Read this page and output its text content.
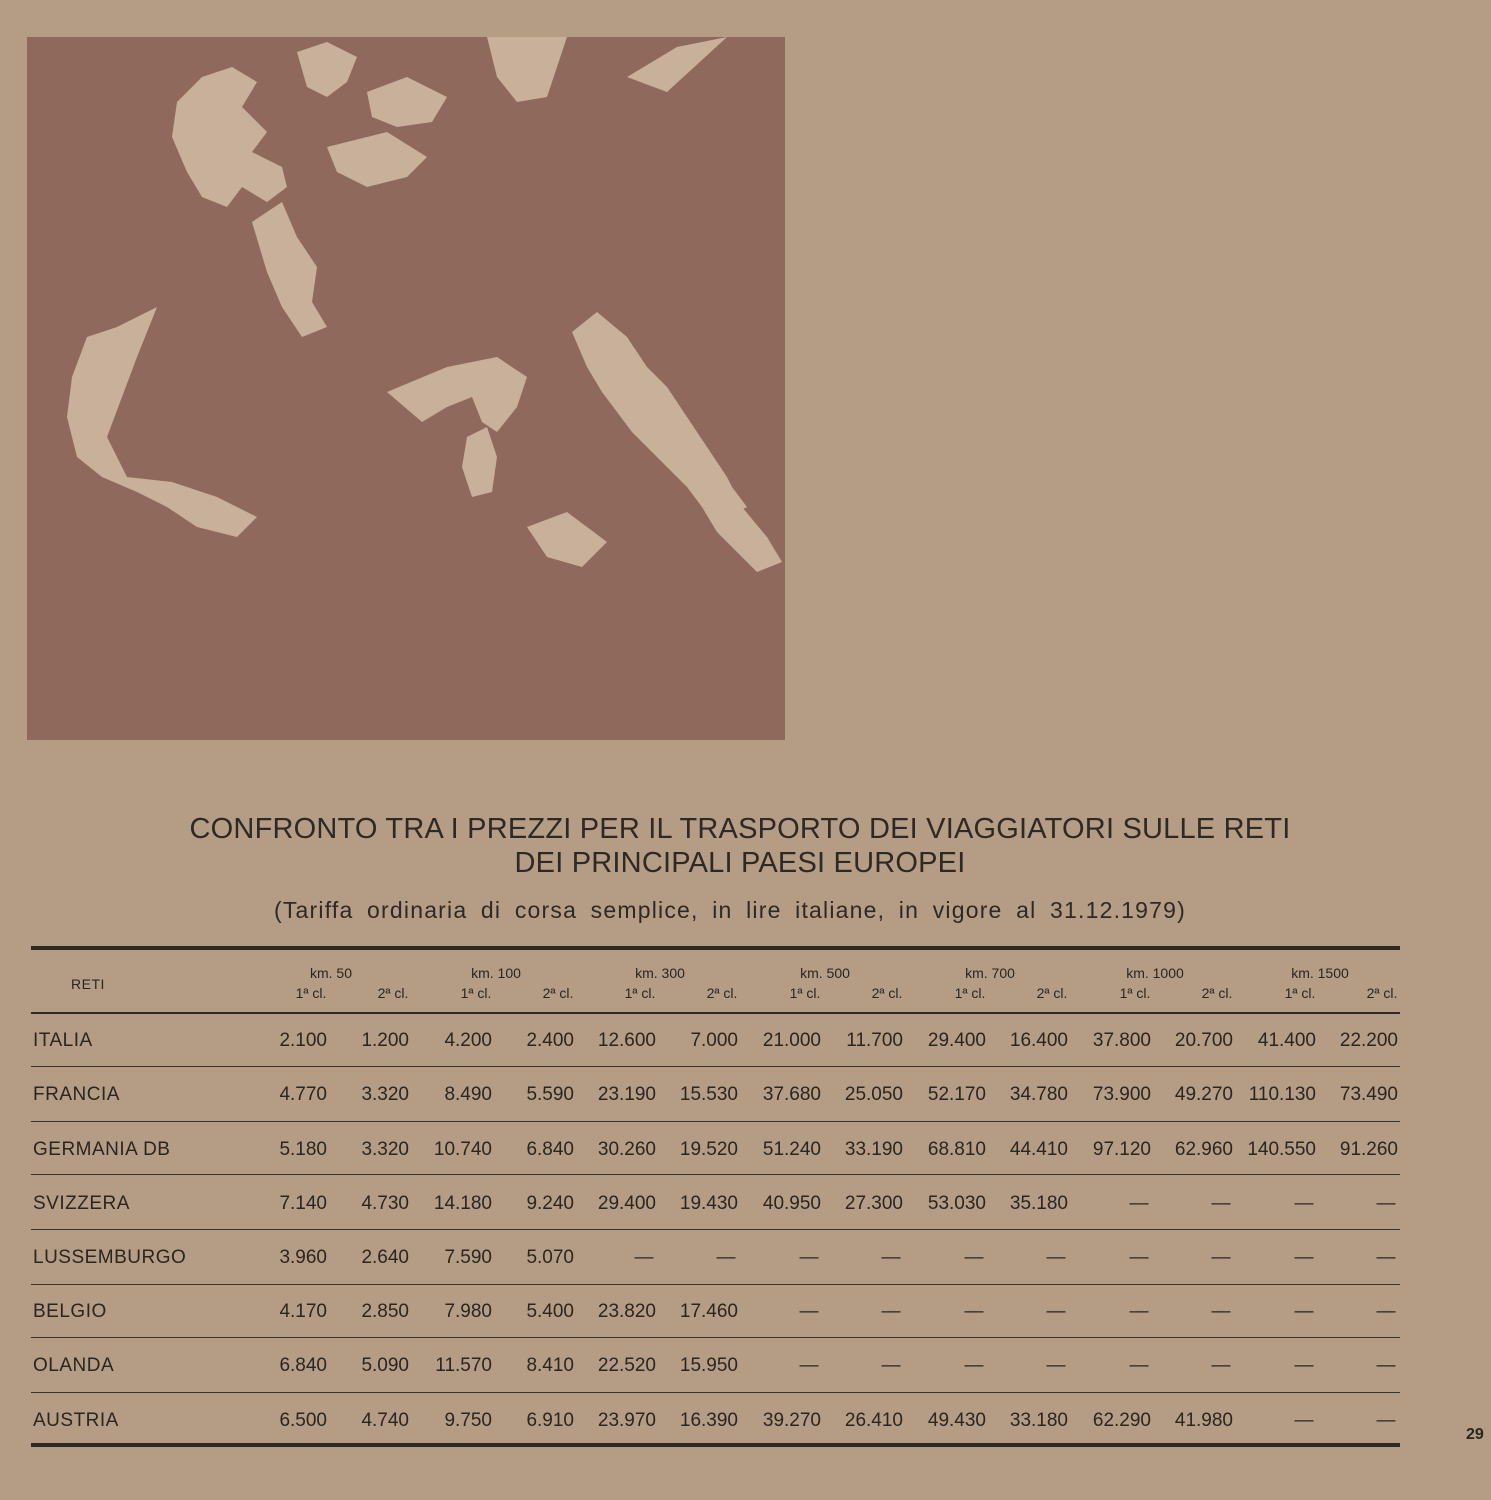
CONFRONTO TRA I PREZZI PER IL TRASPORTO DEI VIAGGIATORI SULLE RETI
DEI PRINCIPALI PAESI EUROPEI
(Tariffa ordinaria di corsa semplice, in lire italiane, in vigore al 31.12.1979)
RETI
km. 50
1ª cl.	2ª cl.
km. 100
1ª cl.	2ª cl.
km. 300
1ª cl.	2ª cl.
km. 500
1ª cl.	2ª cl.
km. 700
1ª cl.	2ª cl.
km. 1000
1ª cl.	2ª cl.
km. 1500
1ª cl.	2ª cl.
ITALIA	2.100	1.200	4.200	2.400	12.600	7.000	21.000	11.700	29.400	16.400	37.800	20.700	41.400	22.200
FRANCIA	4.770	3.320	8.490	5.590	23.190	15.530	37.680	25.050	52.170	34.780	73.900	49.270 110.130	73.490
GERMANIA DB	5.180	3.320	10.740	6.840	30.260	19.520	51.240	33.190	68.810	44.410	97.120	62.960 140.550	91.260
SVIZZERA	7.140	4.730	14.180	9.240	29.400	19.430	40.950	27.300	53.030	35.180	—	—	—	—
LUSSEMBURGO	3.960	2.640	7.590	5.070	—	—	—	—	—	—	—	—	—	—
BELGIO	4.170	2.850	7.980	5.400	23.820	17.460	—	—	—	—	—	—	—	—
OLANDA	6.840	5.090	11.570	8.410	22.520	15.950	—	—	—	—	—	—	—	—
AUSTRIA	6.500	4.740	9.750	6.910	23.970	16.390	39.270	26.410	49.430	33.180	62.290	41.980	—	—
29
